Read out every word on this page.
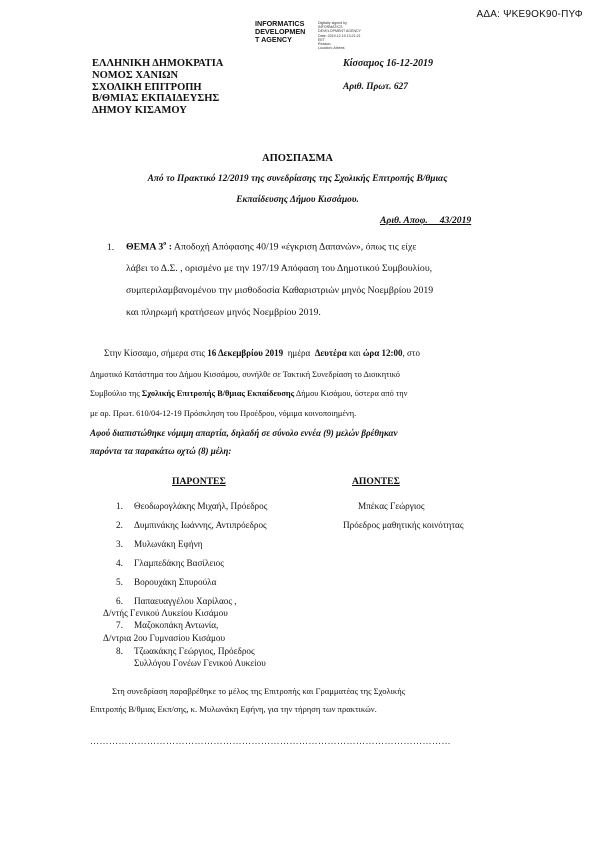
ΑΔΑ: ΨΚΕ9ΟΚ90-ΠΥΦ
INFORMATICS
DEVELOPMEN
T AGENCY
Digitally signed by
INFORMATICS
DEVELOPMENT AGENCY
Date: 2019.12.19 13:21:21
EET
Reason:
Location: Athens
ΕΛΛΗΝΙΚΗ ΔΗΜΟΚΡΑΤΙΑ
ΝΟΜΟΣ ΧΑΝΙΩΝ
ΣΧΟΛΙΚΗ ΕΠΙΤΡΟΠΗ
Β/ΘΜΙΑΣ ΕΚΠΑΙΔΕΥΣΗΣ
ΔΗΜΟΥ ΚΙΣΑΜΟΥ
Κίσσαμος 16-12-2019
Αριθ. Πρωτ. 627
ΑΠΟΣΠΑΣΜΑ
Από το Πρακτικό 12/2019 της συνεδρίασης της Σχολικής Επιτροπής Β/θμιας
Εκπαίδευσης Δήμου Κισσάμου.
Αριθ. Αποφ.     43/2019
1. ΘΕΜΑ $3^o$ : Αποδοχή Απόφασης 40/19 «έγκριση Δαπανών», όπως τις είχε
λάβει το Δ.Σ. , ορισμένο με την 197/19 Απόφαση του Δημοτικού Συμβουλίου,
συμπεριλαμβανομένου την μισθοδοσία Καθαριστριών μηνός Νοεμβρίου 2019
και πληρωμή κρατήσεων μηνός Νοεμβρίου 2019.
Στην Κίσσαμο, σήμερα στις 16 Δεκεμβρίου 2019  ημέρα  Δευτέρα και ώρα 12:00, στο
Δημοτικό Κατάστημα του Δήμου Κισσάμου, συνήλθε σε Τακτική Συνεδρίαση το Διοικητικό
Συμβούλιο της Σχολικής Επιτροπής Β/θμιας Εκπαίδευσης Δήμου Κισάμου, ύστερα από την
με αρ. Πρωτ. 610/04-12-19 Πρόσκληση του Προέδρου, νόμιμα κοινοποιημένη.
Αφού διαπιστώθηκε νόμιμη απαρτία, δηλαδή σε σύνολο εννέα (9) μελών βρέθηκαν
παρόντα τα παρακάτω οχτώ (8) μέλη:
ΠΑΡΟΝΤΕΣ	ΑΠΟΝΤΕΣ
1. Θεοδωρογλάκης Μιχαήλ, Πρόεδρος
2. Δυμπινάκης Ιωάννης, Αντιπρόεδρος
3. Μυλωνάκη Εφήνη
4. Γλαμπεδάκης Βασίλειος
5. Βορουχάκη Σπυρούλα
6. Παπαευαγγέλου Χαρίλαος ,
Δ/ντής Γενικού Λυκείου Κισάμου
7. Μαζοκοπάκη Αντωνία,
Δ/ντρια 2ου Γυμνασίου Κισάμου
8. Τζωακάκης Γεώργιος, Πρόεδρος
Συλλόγου Γονέων Γενικού Λυκείου
Μπέκας Γεώργιος
Πρόεδρος μαθητικής κοινότητας
Στη συνεδρίαση παραβρέθηκε το μέλος της Επιτροπής και Γραμματέας της Σχολικής
Επιτροπής Β/θμιας Εκπ/σης, κ. Μυλωνάκη Εφήνη, για την τήρηση των πρακτικών.
……………………………………………………………………………………………………
